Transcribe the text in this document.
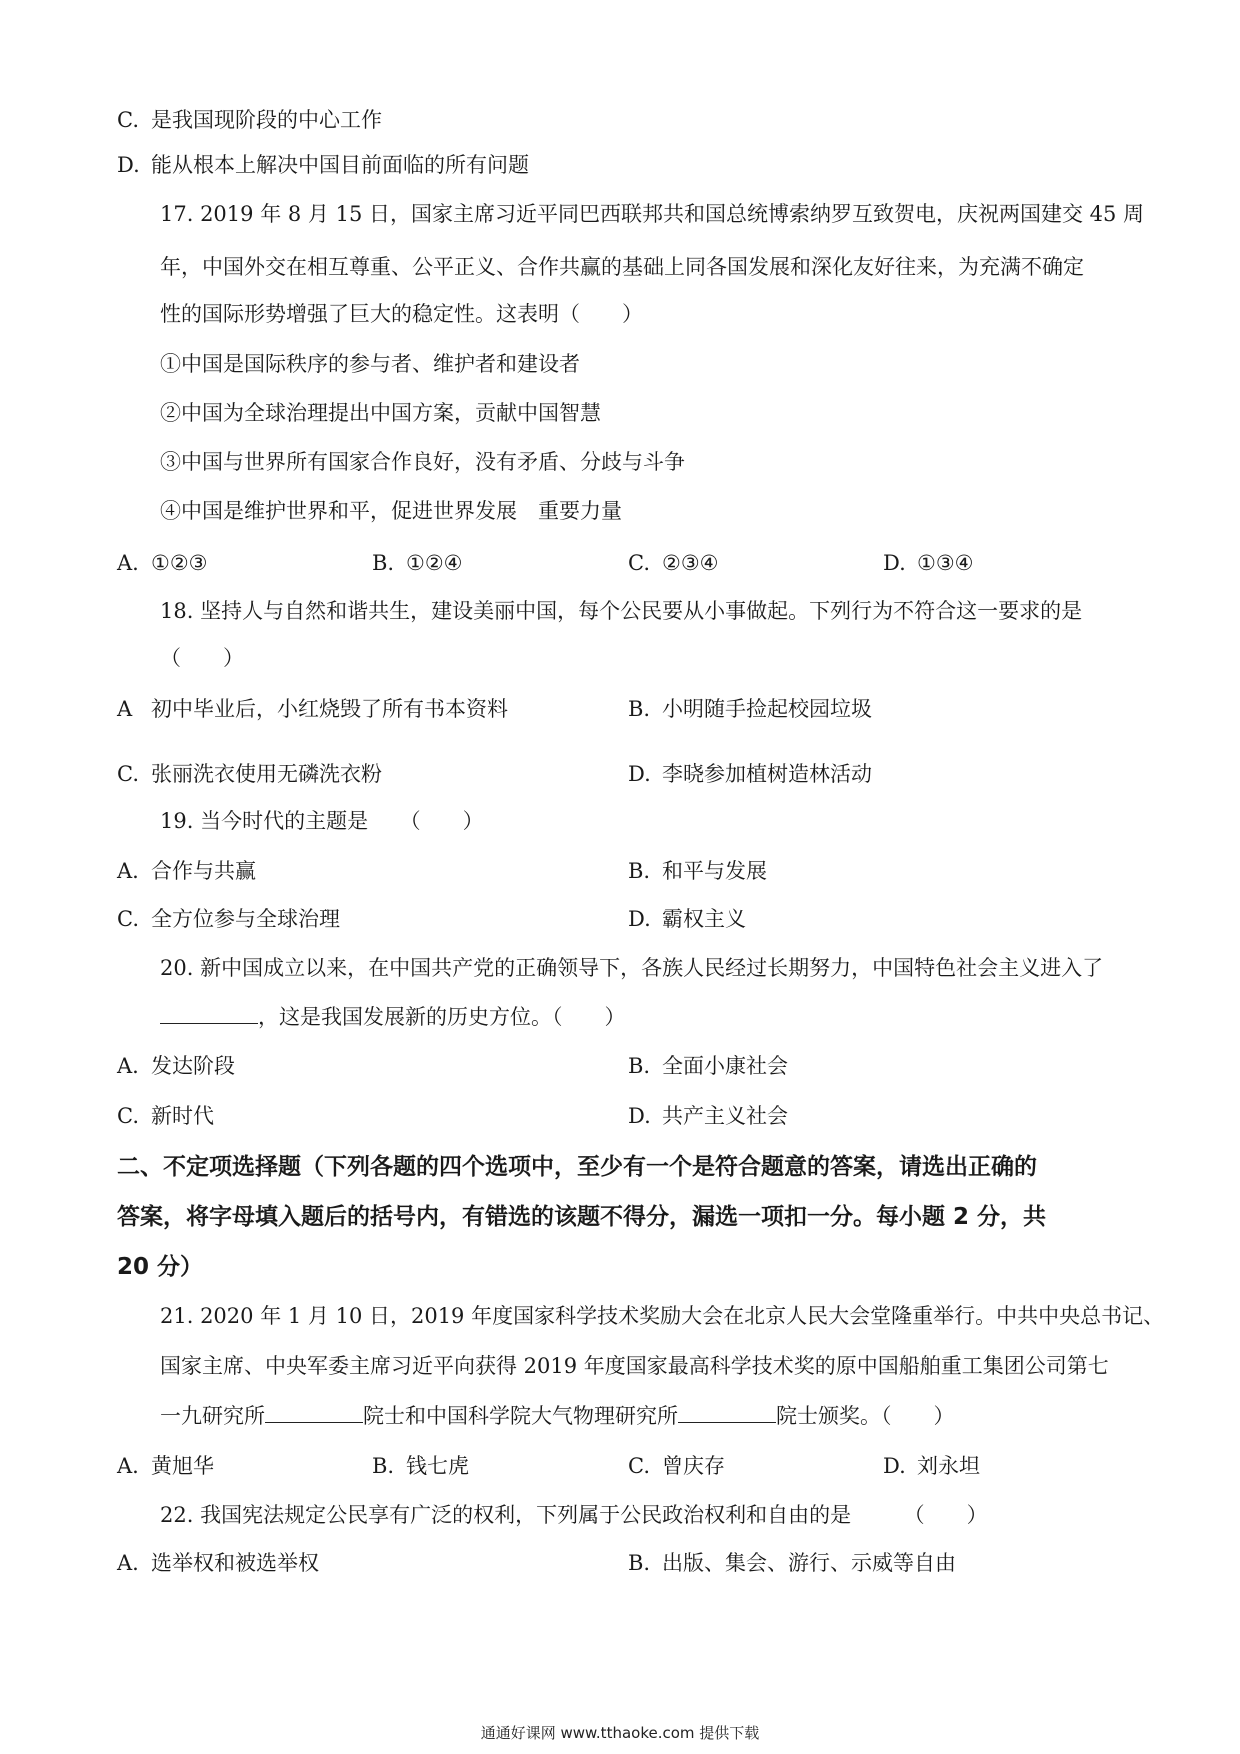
C. 是我国现阶段的中心工作
D. 能从根本上解决中国目前面临的所有问题
17. 2019 年 8 月 15 日，国家主席习近平同巴西联邦共和国总统博索纳罗互致贺电，庆祝两国建交 45 周
年，中国外交在相互尊重、公平正义、合作共赢的基础上同各国发展和深化友好往来，为充满不确定
性的国际形势增强了巨大的稳定性。这表明（　　）
①中国是国际秩序的参与者、维护者和建设者
②中国为全球治理提出中国方案，贡献中国智慧
③中国与世界所有国家合作良好，没有矛盾、分歧与斗争
④中国是维护世界和平，促进世界发展　重要力量
A. ①②③	B. ①②④	C. ②③④	D. ①③④
18. 坚持人与自然和谐共生，建设美丽中国，每个公民要从小事做起。下列行为不符合这一要求的是
（　　）
A 初中毕业后，小红烧毁了所有书本资料	B. 小明随手捡起校园垃圾
C. 张丽洗衣使用无磷洗衣粉	D. 李晓参加植树造林活动
19. 当今时代的主题是　　（　　）
A. 合作与共赢	B. 和平与发展
C. 全方位参与全球治理	D. 霸权主义
20. 新中国成立以来，在中国共产党的正确领导下，各族人民经过长期努力，中国特色社会主义进入了
，这是我国发展新的历史方位。（　　）
A. 发达阶段	B. 全面小康社会
C. 新时代	D. 共产主义社会
二、不定项选择题（下列各题的四个选项中，至少有一个是符合题意的答案，请选出正确的
答案，将字母填入题后的括号内，有错选的该题不得分，漏选一项扣一分。每小题 2 分，共
20 分）
21. 2020 年 1 月 10 日，2019 年度国家科学技术奖励大会在北京人民大会堂隆重举行。中共中央总书记、
国家主席、中央军委主席习近平向获得 2019 年度国家最高科学技术奖的原中国船舶重工集团公司第七
一九研究所	院士和中国科学院大气物理研究所	院士颁奖。（　　）
A. 黄旭华	B. 钱七虎	C. 曾庆存	D. 刘永坦
22. 我国宪法规定公民享有广泛的权利，下列属于公民政治权利和自由的是　　　（　　）
A. 选举权和被选举权	B. 出版、集会、游行、示威等自由
通通好课网 www.tthaoke.com 提供下载
